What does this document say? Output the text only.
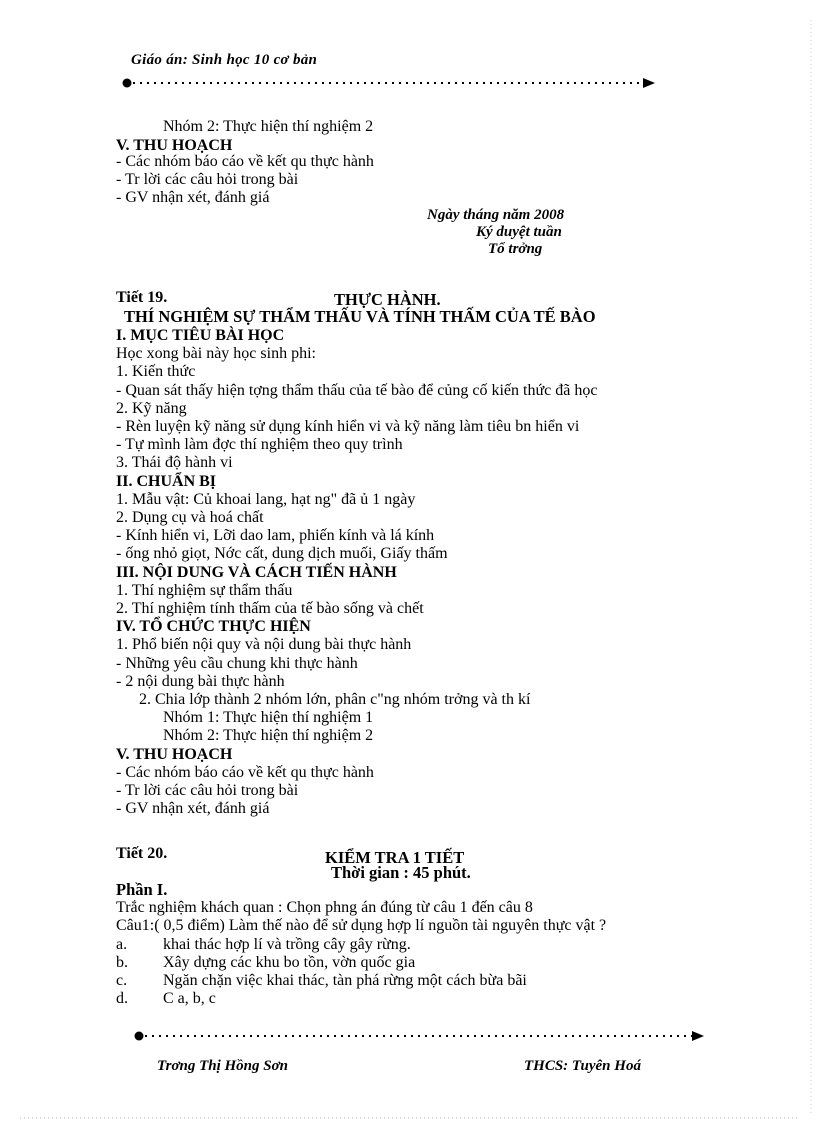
Giáo án: Sinh học 10 cơ bản
Nhóm 2: Thực hiện thí nghiệm 2
V. THU HOẠCH
- Các nhóm báo cáo về kết qu thực hành
- Tr lời các câu hỏi trong bài
- GV nhận xét, đánh giá
Ngày tháng năm 2008
Ký duyệt tuần
Tổ trởng
Tiết 19.	THỰC HÀNH.
THÍ NGHIỆM SỰ THẨM THẤU VÀ TÍNH THẤM CỦA TẾ BÀO
I. MỤC TIÊU BÀI HỌC
Học xong bài này học sinh phi:
1. Kiến thức
- Quan sát thấy hiện tợng thẩm thấu của tế bào để củng cố kiến thức đã học
2. Kỹ năng
- Rèn luyện kỹ năng sử dụng kính hiển vi và kỹ năng làm tiêu bn hiển vi
- Tự mình làm đợc thí nghiệm theo quy trình
3. Thái độ hành vi
II. CHUẨN BỊ
1. Mẫu vật: Củ khoai lang, hạt ng" đã ủ 1 ngày
2. Dụng cụ và hoá chất
- Kính hiển vi, Lỡi dao lam, phiến kính và lá kính
- ống nhỏ giọt, Nớc cất, dung dịch muối, Giấy thấm
III. NỘI DUNG VÀ CÁCH TIẾN HÀNH
1. Thí nghiệm sự thẩm thấu
2. Thí nghiệm tính thấm của tế bào sống và chết
IV. TỔ CHỨC THỰC HIỆN
1. Phổ biến nội quy và nội dung bài thực hành
- Những yêu cầu chung khi thực hành
- 2 nội dung bài thực hành
2. Chia lớp thành 2 nhóm lớn, phân c"ng nhóm trởng và th kí
Nhóm 1: Thực hiện thí nghiệm 1
Nhóm 2: Thực hiện thí nghiệm 2
V. THU HOẠCH
- Các nhóm báo cáo về kết qu thực hành
- Tr lời các câu hỏi trong bài
- GV nhận xét, đánh giá
Tiết 20.	KIỂM TRA 1 TIẾT
Thời gian : 45 phút.
Phần I.
Trắc nghiệm khách quan : Chọn phng án đúng từ câu 1 đến câu 8
Câu1:( 0,5 điểm) Làm thế nào để sử dụng hợp lí nguồn tài nguyên thực vật ?
a. khai thác hợp lí và trồng cây gây rừng.
b. Xây dựng các khu bo tồn, vờn quốc gia
c. Ngăn chặn việc khai thác, tàn phá rừng một cách bừa bãi
d. C a, b, c
Trơng Thị Hồng Sơn	THCS: Tuyên Hoá
